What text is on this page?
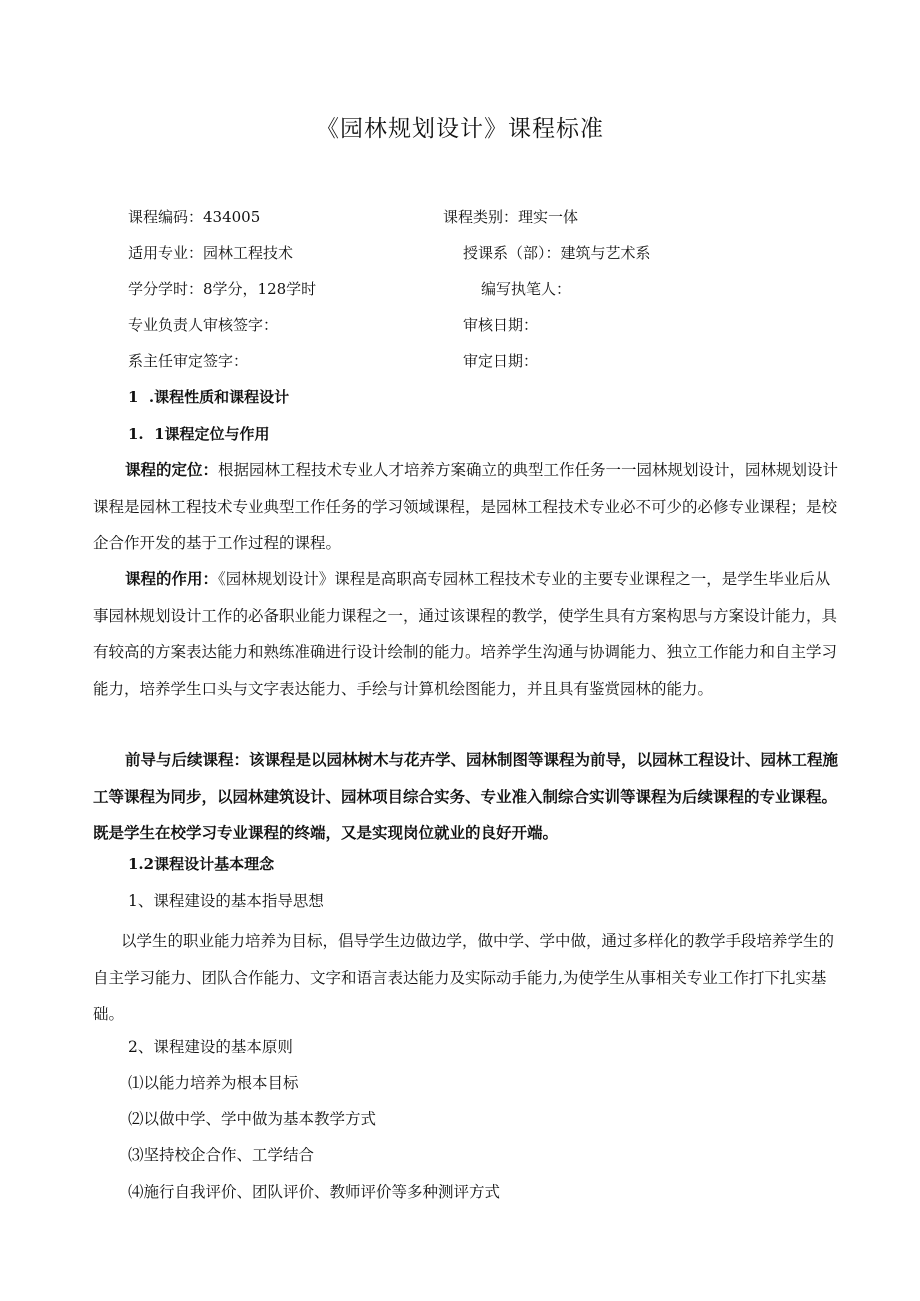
《园林规划设计》课程标准
课程编码：434005	课程类别：理实一体
适用专业：园林工程技术	授课系（部）：建筑与艺术系
学分学时：8学分，128学时	编写执笔人：
专业负责人审核签字：	审核日期：
系主任审定签字：	审定日期：
1  .课程性质和课程设计
1.  1课程定位与作用
课程的定位：根据园林工程技术专业人才培养方案确立的典型工作任务一一园林规划设计，园林规划设计课程是园林工程技术专业典型工作任务的学习领域课程，是园林工程技术专业必不可少的必修专业课程；是校企合作开发的基于工作过程的课程。
课程的作用：《园林规划设计》课程是高职高专园林工程技术专业的主要专业课程之一，是学生毕业后从事园林规划设计工作的必备职业能力课程之一，通过该课程的教学，使学生具有方案构思与方案设计能力，具有较高的方案表达能力和熟练准确进行设计绘制的能力。培养学生沟通与协调能力、独立工作能力和自主学习能力，培养学生口头与文字表达能力、手绘与计算机绘图能力，并且具有鉴赏园林的能力。
前导与后续课程：该课程是以园林树木与花卉学、园林制图等课程为前导，以园林工程设计、园林工程施工等课程为同步，以园林建筑设计、园林项目综合实务、专业准入制综合实训等课程为后续课程的专业课程。既是学生在校学习专业课程的终端，又是实现岗位就业的良好开端。
1.2课程设计基本理念
1、课程建设的基本指导思想
以学生的职业能力培养为目标，倡导学生边做边学，做中学、学中做，通过多样化的教学手段培养学生的自主学习能力、团队合作能力、文字和语言表达能力及实际动手能力,为使学生从事相关专业工作打下扎实基础。
2、课程建设的基本原则
⑴以能力培养为根本目标
⑵以做中学、学中做为基本教学方式
⑶坚持校企合作、工学结合
⑷施行自我评价、团队评价、教师评价等多种测评方式
